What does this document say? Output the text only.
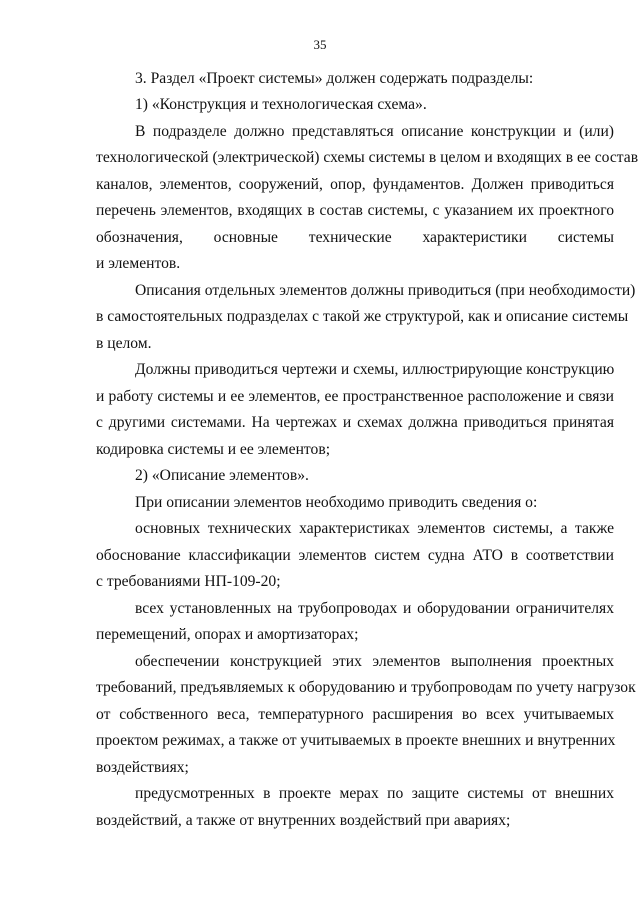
35
3. Раздел «Проект системы» должен содержать подразделы:
1) «Конструкция и технологическая схема».
В подразделе должно представляться описание конструкции и (или)
технологической (электрической) схемы системы в целом и входящих в ее состав
каналов, элементов, сооружений, опор, фундаментов. Должен приводиться
перечень элементов, входящих в состав системы, с указанием их проектного
обозначения, основные технические характеристики системы
и элементов.
Описания отдельных элементов должны приводиться (при необходимости)
в самостоятельных подразделах с такой же структурой, как и описание системы
в целом.
Должны приводиться чертежи и схемы, иллюстрирующие конструкцию
и работу системы и ее элементов, ее пространственное расположение и связи
с другими системами. На чертежах и схемах должна приводиться принятая
кодировка системы и ее элементов;
2) «Описание элементов».
При описании элементов необходимо приводить сведения о:
основных технических характеристиках элементов системы, а также
обоснование классификации элементов систем судна АТО в соответствии
с требованиями НП-109-20;
всех установленных на трубопроводах и оборудовании ограничителях
перемещений, опорах и амортизаторах;
обеспечении конструкцией этих элементов выполнения проектных
требований, предъявляемых к оборудованию и трубопроводам по учету нагрузок
от собственного веса, температурного расширения во всех учитываемых
проектом режимах, а также от учитываемых в проекте внешних и внутренних
воздействиях;
предусмотренных в проекте мерах по защите системы от внешних
воздействий, а также от внутренних воздействий при авариях;
